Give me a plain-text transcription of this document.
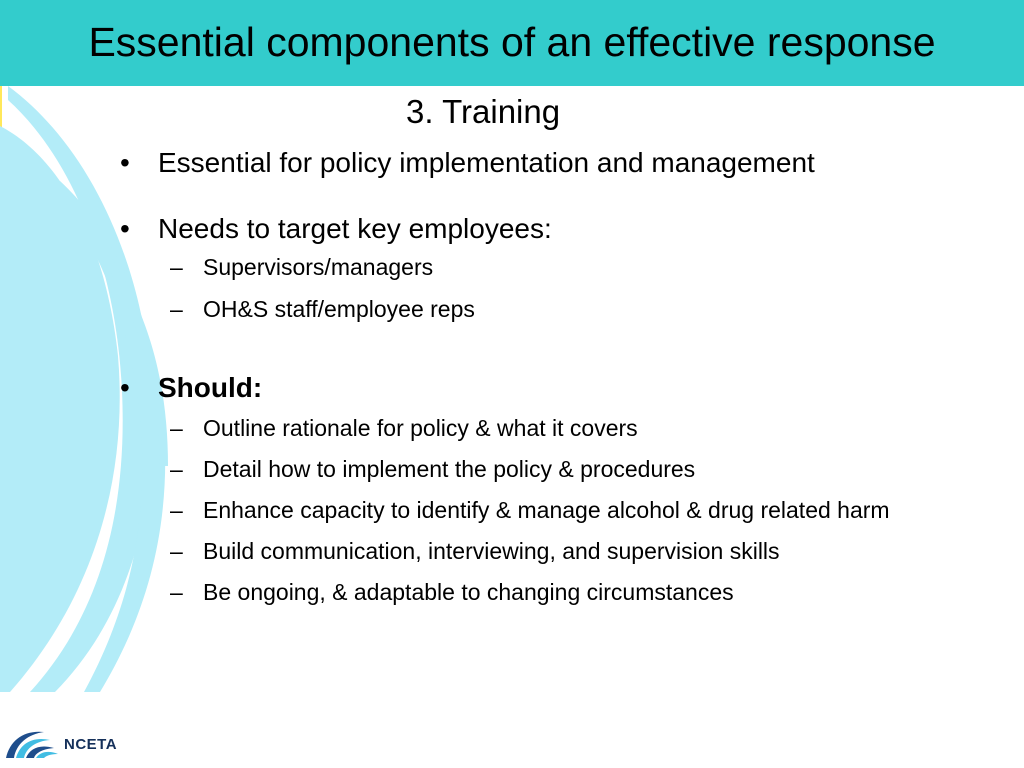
Essential components of an effective response
3. Training
• Essential for policy implementation and management
• Needs to target key employees:
– Supervisors/managers
– OH&S staff/employee reps
• Should:
– Outline rationale for policy & what it covers
– Detail how to implement the policy & procedures
– Enhance capacity to identify & manage alcohol & drug related harm
– Build communication, interviewing, and supervision skills
– Be ongoing, & adaptable to changing circumstances
NCETA
